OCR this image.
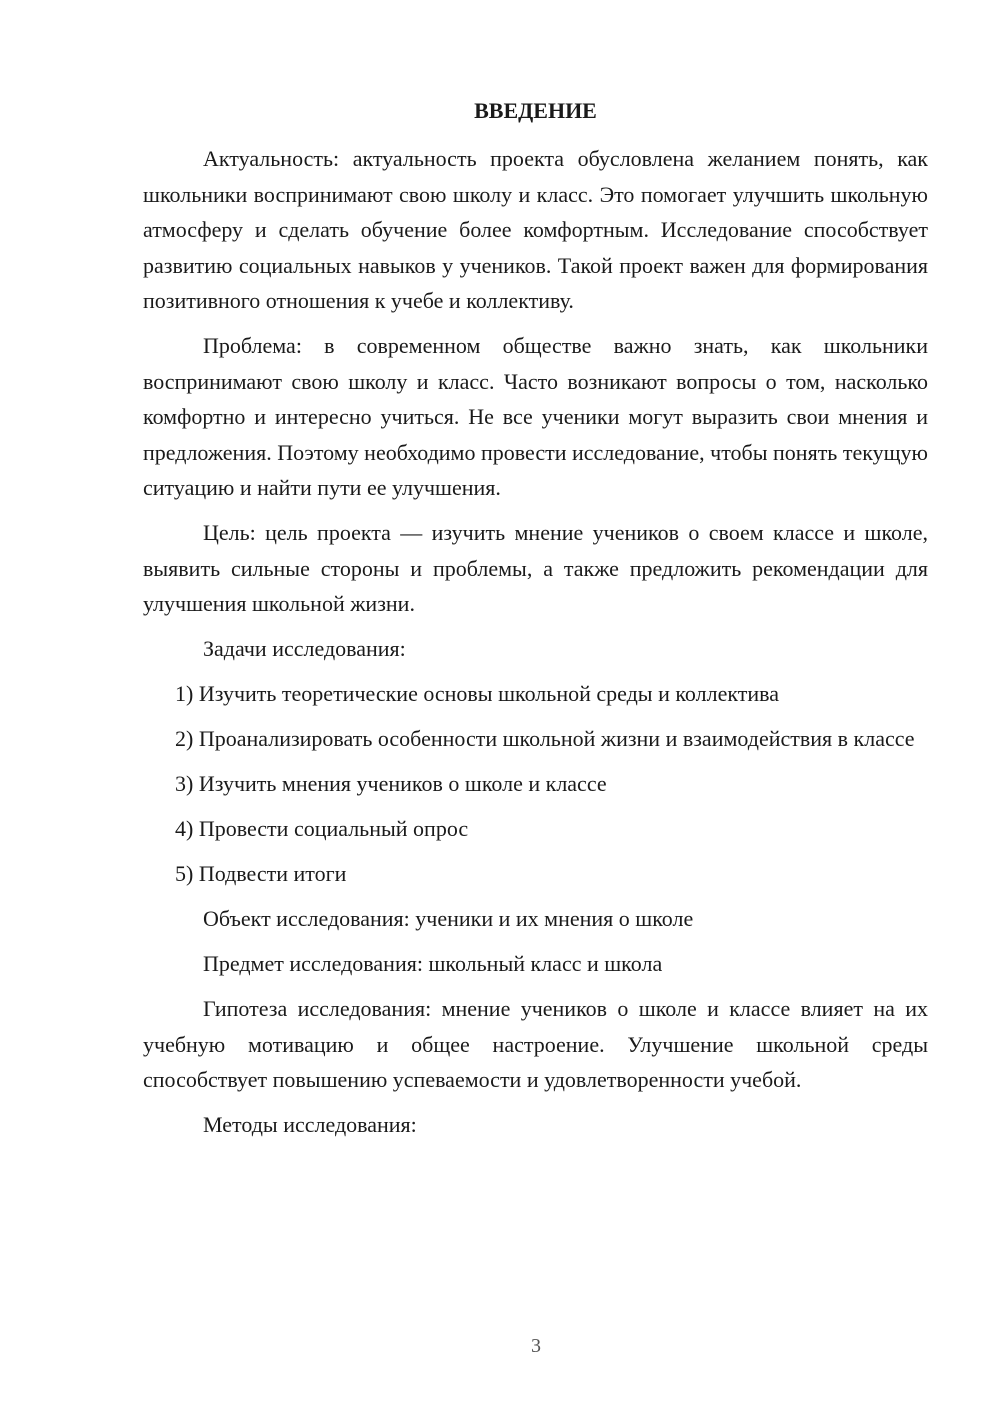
ВВЕДЕНИЕ

Актуальность: актуальность проекта обусловлена желанием понять, как школьники воспринимают свою школу и класс. Это помогает улучшить школьную атмосферу и сделать обучение более комфортным. Исследование способствует развитию социальных навыков у учеников. Такой проект важен для формирования позитивного отношения к учебе и коллективу.

Проблема: в современном обществе важно знать, как школьники воспринимают свою школу и класс. Часто возникают вопросы о том, насколько комфортно и интересно учиться. Не все ученики могут выразить свои мнения и предложения. Поэтому необходимо провести исследование, чтобы понять текущую ситуацию и найти пути ее улучшения.

Цель: цель проекта — изучить мнение учеников о своем классе и школе, выявить сильные стороны и проблемы, а также предложить рекомендации для улучшения школьной жизни.

Задачи исследования:

1) Изучить теоретические основы школьной среды и коллектива

2) Проанализировать особенности школьной жизни и взаимодействия в классе

3) Изучить мнения учеников о школе и классе

4) Провести социальный опрос

5) Подвести итоги

Объект исследования: ученики и их мнения о школе

Предмет исследования: школьный класс и школа

Гипотеза исследования: мнение учеников о школе и классе влияет на их учебную мотивацию и общее настроение. Улучшение школьной среды способствует повышению успеваемости и удовлетворенности учебой.

Методы исследования:

3
